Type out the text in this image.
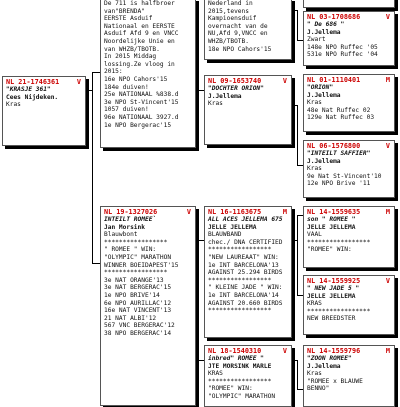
NL 21-1746361	V
"KRASJE 361"
Cees Nijdeken.
Kras
De 711 is halfbroer
van"BRENDA"
EERSTE Asduif
Nationaal en EERSTE
Asduif Afd 9 en VNCC
Noordelijke Unie en
van WHZB/TBOTB.
In 2015 Middag
lossing.Ze vloog in
2015:
16e NPO Cahors'15
184e duiven!
25e NATIONAAL %838.d
3e NPO St-Vincent'15
1057 duiven!
96e NATIONAAL 3927.d
1e NPO Bergerac'15
Nederland in
2015,tevens
Kampioensduif
overnacht van de
NU,Afd 9,VNCC en
WHZB/TBOTB.
18e NPO Cahors'15
NL 03-1708686	V
" De 686 "
J.Jellema
Zwart
148e NPO Ruffec '05
531e NPO Ruffec '04
NL 09-1653740	V
"DOCHTER ORION"
J.Jellema
Kras
NL 01-1110401	M
"ORION"
J.Jellema
Kras
48e Nat Ruffec 02
129e Nat Ruffec 03
NL 06-1576800	V
"INTEILT SAFFIER"
J.Jellema
Kras
9e Nat St-Vincent'10
12e NPO Brive '11
NL 19-1327026	V
INTEILT ROMEE`
Jan Morsink
Blauwbont
*****************
" ROMEE " WIN:
"OLYMPIC" MARATHON
WINNER BOEIDAPEST'15
*****************
3e NAT ORANGE'13
3e NAT BERGERAC'15
1e NPO BRIVE'14
6e NPO AURILLAC'12
16e NAT VINCENT'13
21 NAT ALBI'12
567 VNC BERGERAC'12
38 NPO BERGERAC'14
NL 16-1163675	M
ALL ACES JELLEMA 675
JELLE JELLEMA
BLAUWBAND
chec./ DNA CERTIFIED
*****************
"NEW LAUREAAT" WIN:
1e INT BARCELONA'13
AGAINST 25.294 BIRDS
*****************
" KLEINE JADE " WIN:
1e INT BARCELONA'14
AGAINST 20.660 BIRDS
*****************
NL 14-1559635	M
son " ROMEE "
JELLE JELLEMA
VAAL
*****************
"ROMEE" WIN:
NL 14-1559925	V
" NEW JADE 5 "
JELLE JELLEMA
KRAS
*****************
NEW BREEDSTER
NL 18-1540310	V
inbred" ROMEE "
JTE MORSINK MARLE
KRAS
*****************
"ROMEE" WIN:
"OLYMPIC" MARATHON
NL 14-1559796	M
"ZOON ROMEE"
J.Jellema
Kras
"ROMEE x BLAUWE
BENNO"
